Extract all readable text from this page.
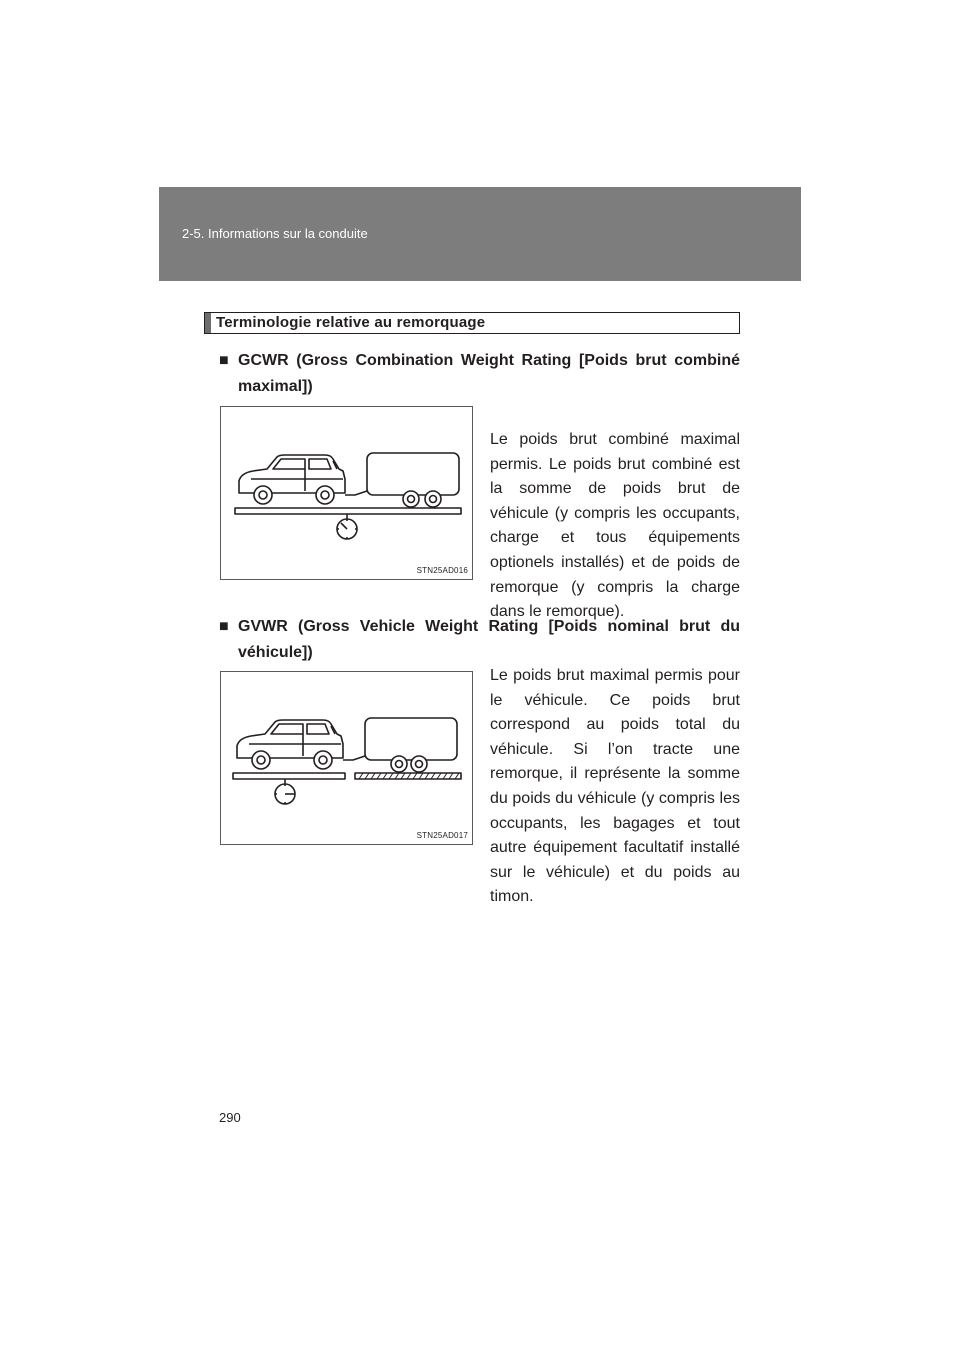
2-5. Informations sur la conduite
Terminologie relative au remorquage
■ GCWR (Gross Combination Weight Rating [Poids brut combiné maximal])
STN25AD016

Le poids brut combiné maximal permis. Le poids brut combiné est la somme de poids brut de véhicule (y compris les occupants, charge et tous équipements optionels installés) et de poids de remorque (y compris la charge dans le remorque).

■ GVWR (Gross Vehicle Weight Rating [Poids nominal brut du véhicule])
STN25AD017

Le poids brut maximal permis pour le véhicule. Ce poids brut correspond au poids total du véhicule. Si l’on tracte une remorque, il représente la somme du poids du véhicule (y compris les occupants, les bagages et tout autre équipement facultatif installé sur le véhicule) et du poids au timon.

290
